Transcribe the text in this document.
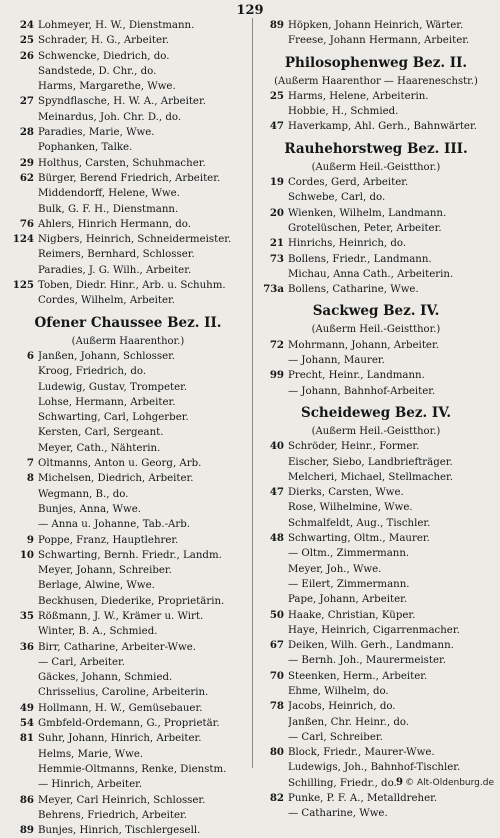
129
24 Lohmeyer, H. W., Dienstmann.
25 Schrader, H. G., Arbeiter.
26 Schwencke, Diedrich, do.
Sandstede, D. Chr., do.
Harms, Margarethe, Wwe.
27 Spyndflasche, H. W. A., Arbeiter.
Meinardus, Joh. Chr. D., do.
28 Paradies, Marie, Wwe.
Pophanken, Talke.
29 Holthus, Carsten, Schuhmacher.
62 Bürger, Berend Friedrich, Arbeiter.
Middendorff, Helene, Wwe.
Bulk, G. F. H., Dienstmann.
76 Ahlers, Hinrich Hermann, do.
124 Nigbers, Heinrich, Schneidermeister.
Reimers, Bernhard, Schlosser.
Paradies, J. G. Wilh., Arbeiter.
125 Toben, Diedr. Hinr., Arb. u. Schuhm.
Cordes, Wilhelm, Arbeiter.
Ofener Chaussee Bez. II.
(Außerm Haarenthor.)
6 Janßen, Johann, Schlosser.
Kroog, Friedrich, do.
Ludewig, Gustav, Trompeter.
Lohse, Hermann, Arbeiter.
Schwarting, Carl, Lohgerber.
Kersten, Carl, Sergeant.
Meyer, Cath., Nähterin.
7 Oltmanns, Anton u. Georg, Arb.
8 Michelsen, Diedrich, Arbeiter.
Wegmann, B., do.
Bunjes, Anna, Wwe.
— Anna u. Johanne, Tab.-Arb.
9 Poppe, Franz, Hauptlehrer.
10 Schwarting, Bernh. Friedr., Landm.
Meyer, Johann, Schreiber.
Berlage, Alwine, Wwe.
Beckhusen, Diederike, Proprietärin.
35 Rößmann, J. W., Krämer u. Wirt.
Winter, B. A., Schmied.
36 Birr, Catharine, Arbeiter-Wwe.
— Carl, Arbeiter.
Gäckes, Johann, Schmied.
Chrisselius, Caroline, Arbeiterin.
49 Hollmann, H. W., Gemüsebauer.
54 Gmbfeld-Ordemann, G., Proprietär.
81 Suhr, Johann, Hinrich, Arbeiter.
Helms, Marie, Wwe.
Hemmie-Oltmanns, Renke, Dienstm.
— Hinrich, Arbeiter.
86 Meyer, Carl Heinrich, Schlosser.
Behrens, Friedrich, Arbeiter.
89 Bunjes, Hinrich, Tischlergesell.
89 Höpken, Johann Heinrich, Wärter.
Freese, Johann Hermann, Arbeiter.
Philosophenweg Bez. II.
(Außerm Haarenthor — Haareneschstr.)
25 Harms, Helene, Arbeiterin.
Hobbie, H., Schmied.
47 Haverkamp, Ahl. Gerh., Bahnwärter.
Rauhehorstweg Bez. III.
(Außerm Heil.-Geistthor.)
19 Cordes, Gerd, Arbeiter.
Schwebe, Carl, do.
20 Wienken, Wilhelm, Landmann.
Grotelüschen, Peter, Arbeiter.
21 Hinrichs, Heinrich, do.
73 Bollens, Friedr., Landmann.
Michau, Anna Cath., Arbeiterin.
73a Bollens, Catharine, Wwe.
Sackweg Bez. IV.
(Außerm Heil.-Geistthor.)
72 Mohrmann, Johann, Arbeiter.
— Johann, Maurer.
99 Precht, Heinr., Landmann.
— Johann, Bahnhof-Arbeiter.
Scheideweg Bez. IV.
(Außerm Heil.-Geistthor.)
40 Schröder, Heinr., Former.
Eischer, Siebo, Landbriefträger.
Melcheri, Michael, Stellmacher.
47 Dierks, Carsten, Wwe.
Rose, Wilhelmine, Wwe.
Schmalfeldt, Aug., Tischler.
48 Schwarting, Oltm., Maurer.
— Oltm., Zimmermann.
Meyer, Joh., Wwe.
— Eilert, Zimmermann.
Pape, Johann, Arbeiter.
50 Haake, Christian, Küper.
Haye, Heinrich, Cigarrenmacher.
67 Deiken, Wilh. Gerh., Landmann.
— Bernh. Joh., Maurermeister.
70 Steenken, Herm., Arbeiter.
Ehme, Wilhelm, do.
78 Jacobs, Heinrich, do.
Janßen, Chr. Heinr., do.
— Carl, Schreiber.
80 Block, Friedr., Maurer-Wwe.
Ludewigs, Joh., Bahnhof-Tischler.
Schilling, Friedr., do.
82 Punke, P. F. A., Metalldreher.
— Catharine, Wwe.
9 © Alt-Oldenburg.de
